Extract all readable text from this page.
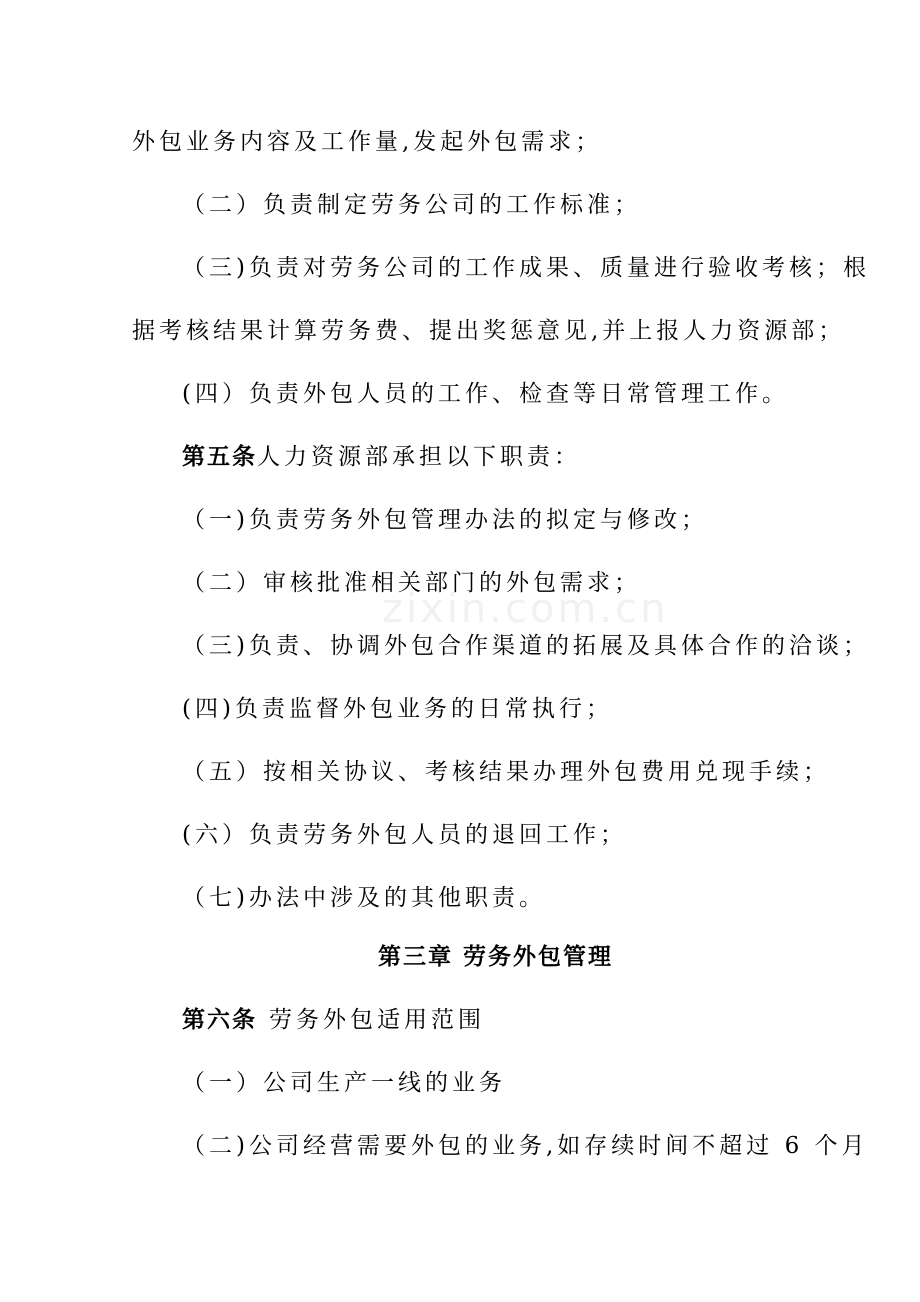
外包业务内容及工作量,发起外包需求；
（二）负责制定劳务公司的工作标准；
（三)负责对劳务公司的工作成果、质量进行验收考核；根
据考核结果计算劳务费、提出奖惩意见,并上报人力资源部；
(四）负责外包人员的工作、检查等日常管理工作。
第五条人力资源部承担以下职责：
（一)负责劳务外包管理办法的拟定与修改；
（二）审核批准相关部门的外包需求；
（三)负责、协调外包合作渠道的拓展及具体合作的洽谈；
(四)负责监督外包业务的日常执行；
（五）按相关协议、考核结果办理外包费用兑现手续；
(六）负责劳务外包人员的退回工作；
（七)办法中涉及的其他职责。
第三章 劳务外包管理
第六条 劳务外包适用范围
（一）公司生产一线的业务
（二)公司经营需要外包的业务,如存续时间不超过 6 个月
zixin.com.cn
